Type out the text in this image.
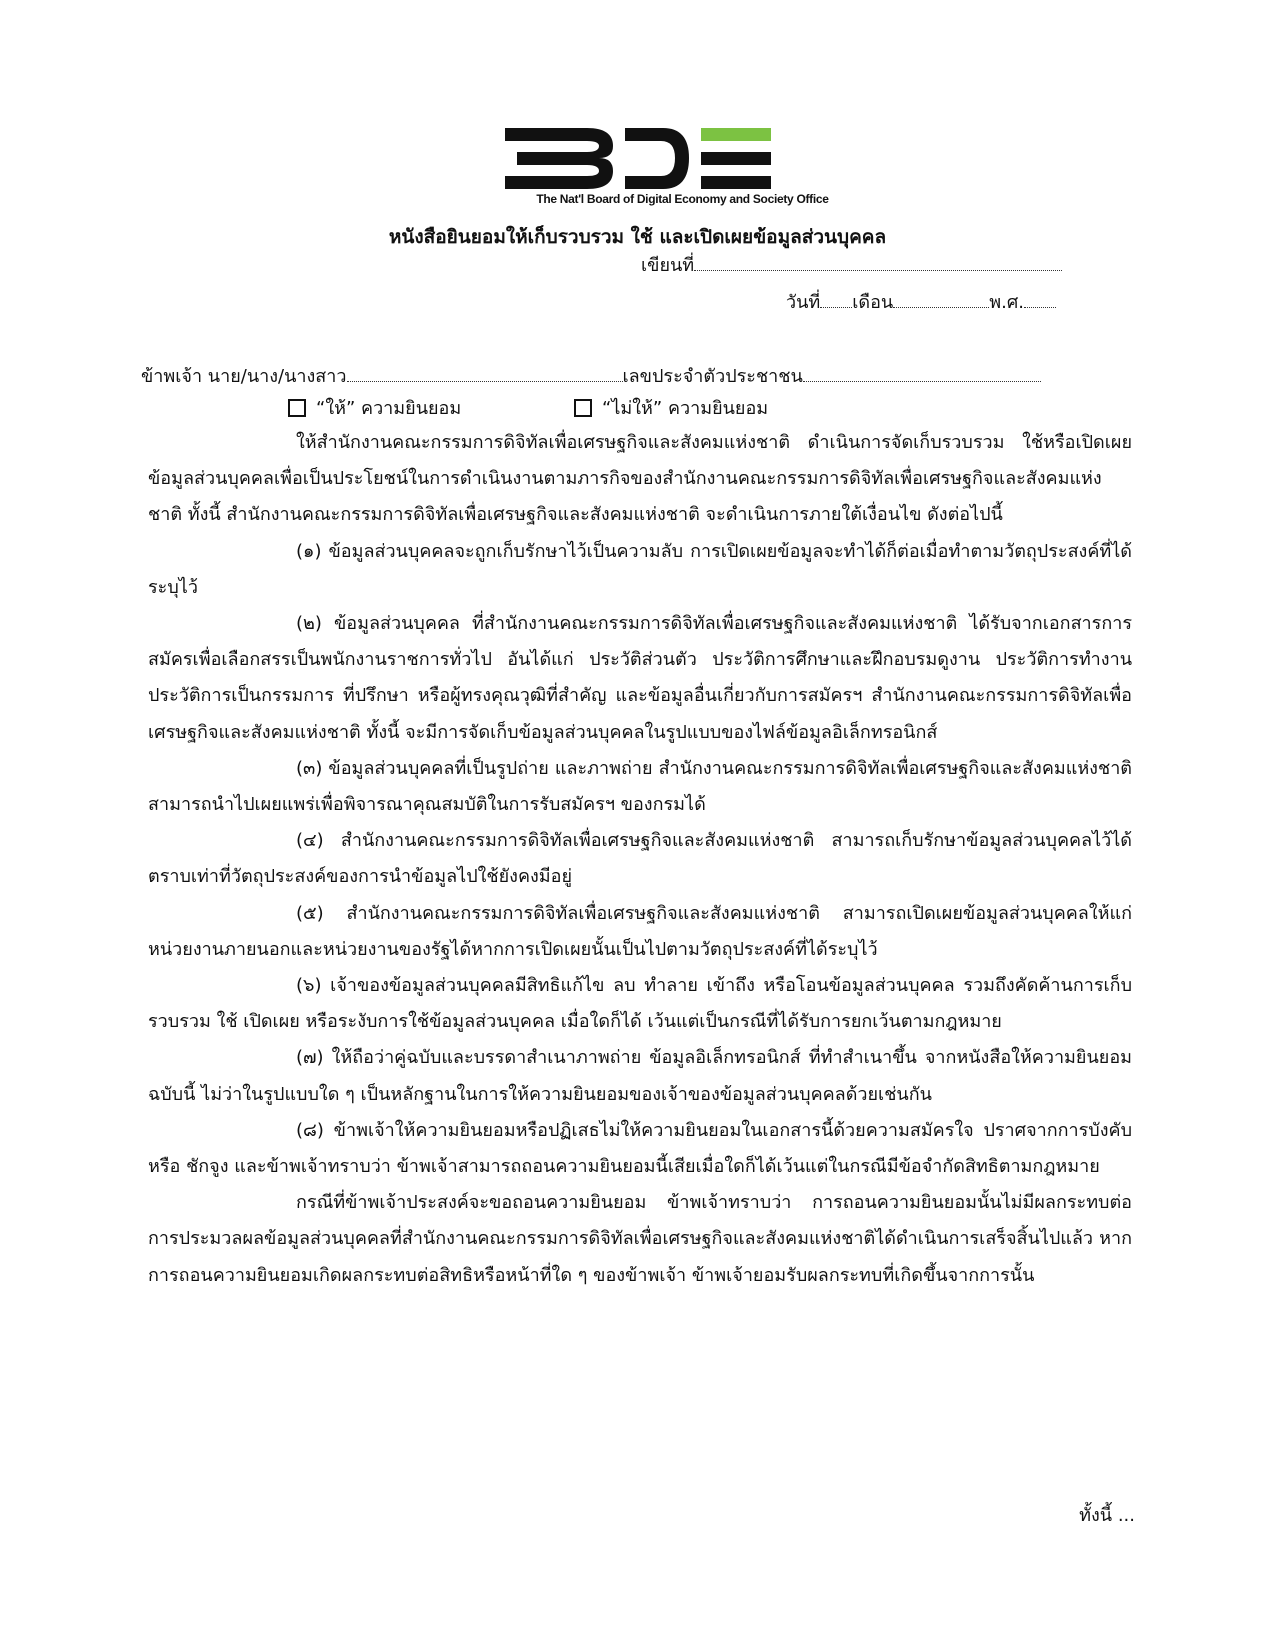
The Nat'l Board of Digital Economy and Society Office
หนังสือยินยอมให้เก็บรวบรวม ใช้ และเปิดเผยข้อมูลส่วนบุคคล
เขียนที่
วันที่ เดือน	พ.ศ.
ข้าพเจ้า นาย/นาง/นางสาว	เลขประจำตัวประชาชน
“ให้” ความยินยอม	“ไม่ให้” ความยินยอม

ให้สำนักงานคณะกรรมการดิจิทัลเพื่อเศรษฐกิจและสังคมแห่งชาติ ดำเนินการจัดเก็บรวบรวม ใช้หรือเปิดเผยข้อมูลส่วนบุคคลเพื่อเป็นประโยชน์ในการดำเนินงานตามภารกิจของสำนักงานคณะกรรมการดิจิทัลเพื่อเศรษฐกิจและสังคมแห่งชาติ ทั้งนี้ สำนักงานคณะกรรมการดิจิทัลเพื่อเศรษฐกิจและสังคมแห่งชาติ จะดำเนินการภายใต้เงื่อนไข ดังต่อไปนี้

(๑) ข้อมูลส่วนบุคคลจะถูกเก็บรักษาไว้เป็นความลับ การเปิดเผยข้อมูลจะทำได้ก็ต่อเมื่อทำตามวัตถุประสงค์ที่ได้ระบุไว้

(๒) ข้อมูลส่วนบุคคล ที่สำนักงานคณะกรรมการดิจิทัลเพื่อเศรษฐกิจและสังคมแห่งชาติ ได้รับจากเอกสารการสมัครเพื่อเลือกสรรเป็นพนักงานราชการทั่วไป อันได้แก่ ประวัติส่วนตัว ประวัติการศึกษาและฝึกอบรมดูงาน ประวัติการทำงาน ประวัติการเป็นกรรมการ ที่ปรึกษา หรือผู้ทรงคุณวุฒิที่สำคัญ และข้อมูลอื่นเกี่ยวกับการสมัครฯ สำนักงานคณะกรรมการดิจิทัลเพื่อเศรษฐกิจและสังคมแห่งชาติ ทั้งนี้ จะมีการจัดเก็บข้อมูลส่วนบุคคลในรูปแบบของไฟล์ข้อมูลอิเล็กทรอนิกส์

(๓) ข้อมูลส่วนบุคคลที่เป็นรูปถ่าย และภาพถ่าย สำนักงานคณะกรรมการดิจิทัลเพื่อเศรษฐกิจและสังคมแห่งชาติ สามารถนำไปเผยแพร่เพื่อพิจารณาคุณสมบัติในการรับสมัครฯ ของกรมได้

(๔) สำนักงานคณะกรรมการดิจิทัลเพื่อเศรษฐกิจและสังคมแห่งชาติ สามารถเก็บรักษาข้อมูลส่วนบุคคลไว้ได้ ตราบเท่าที่วัตถุประสงค์ของการนำข้อมูลไปใช้ยังคงมีอยู่

(๕) สำนักงานคณะกรรมการดิจิทัลเพื่อเศรษฐกิจและสังคมแห่งชาติ สามารถเปิดเผยข้อมูลส่วนบุคคลให้แก่หน่วยงานภายนอกและหน่วยงานของรัฐได้หากการเปิดเผยนั้นเป็นไปตามวัตถุประสงค์ที่ได้ระบุไว้

(๖) เจ้าของข้อมูลส่วนบุคคลมีสิทธิแก้ไข ลบ ทำลาย เข้าถึง หรือโอนข้อมูลส่วนบุคคล รวมถึงคัดค้านการเก็บรวบรวม ใช้ เปิดเผย หรือระงับการใช้ข้อมูลส่วนบุคคล เมื่อใดก็ได้ เว้นแต่เป็นกรณีที่ได้รับการยกเว้นตามกฎหมาย

(๗) ให้ถือว่าคู่ฉบับและบรรดาสำเนาภาพถ่าย ข้อมูลอิเล็กทรอนิกส์ ที่ทำสำเนาขึ้น จากหนังสือให้ความยินยอมฉบับนี้ ไม่ว่าในรูปแบบใด ๆ เป็นหลักฐานในการให้ความยินยอมของเจ้าของข้อมูลส่วนบุคคลด้วยเช่นกัน

(๘) ข้าพเจ้าให้ความยินยอมหรือปฏิเสธไม่ให้ความยินยอมในเอกสารนี้ด้วยความสมัครใจ ปราศจากการบังคับหรือ ชักจูง และข้าพเจ้าทราบว่า ข้าพเจ้าสามารถถอนความยินยอมนี้เสียเมื่อใดก็ได้เว้นแต่ในกรณีมีข้อจำกัดสิทธิตามกฎหมาย

กรณีที่ข้าพเจ้าประสงค์จะขอถอนความยินยอม ข้าพเจ้าทราบว่า การถอนความยินยอมนั้นไม่มีผลกระทบต่อการประมวลผลข้อมูลส่วนบุคคลที่สำนักงานคณะกรรมการดิจิทัลเพื่อเศรษฐกิจและสังคมแห่งชาติได้ดำเนินการเสร็จสิ้นไปแล้ว หากการถอนความยินยอมเกิดผลกระทบต่อสิทธิหรือหน้าที่ใด ๆ ของข้าพเจ้า ข้าพเจ้ายอมรับผลกระทบที่เกิดขึ้นจากการนั้น

ทั้งนี้ ...
